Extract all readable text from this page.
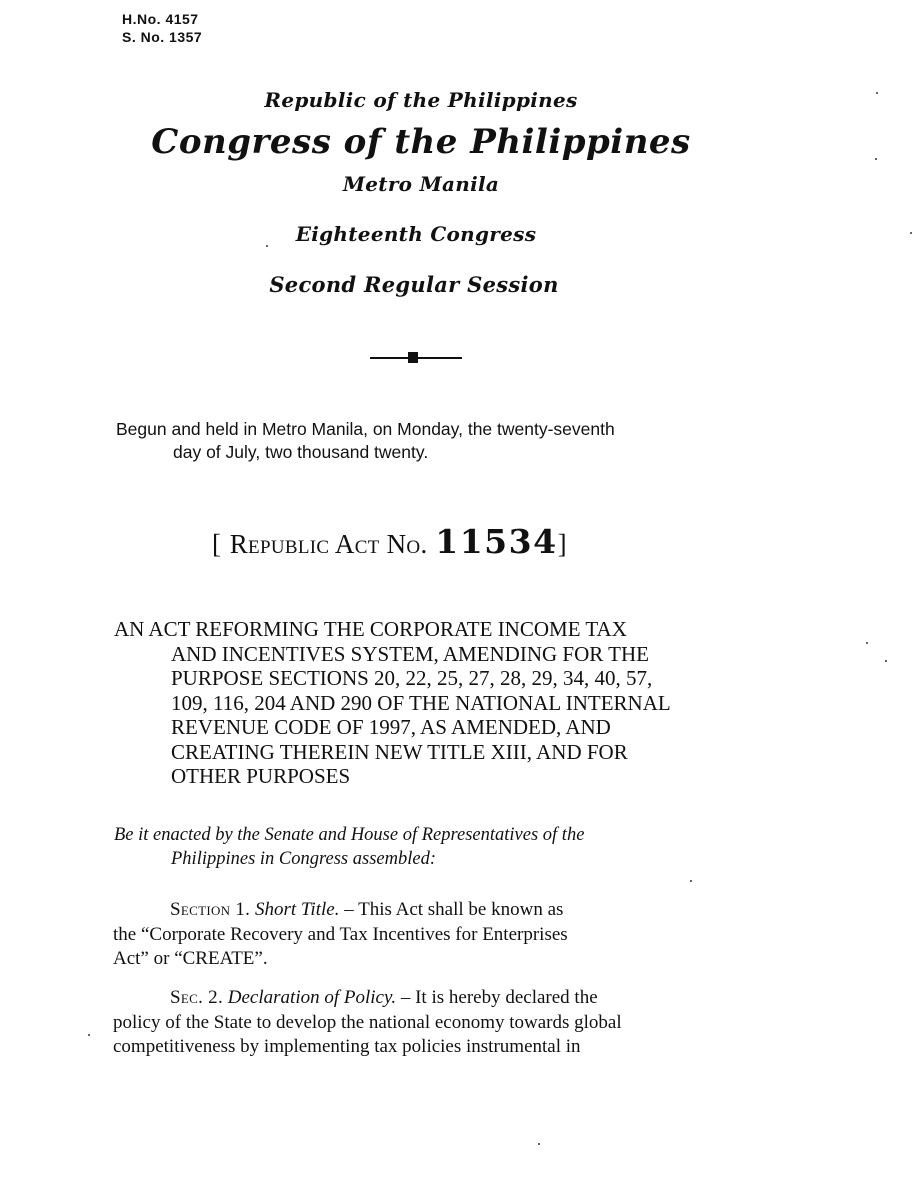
H.No. 4157
S. No. 1357
Republic of the Philippines
Congress of the Philippines
Metro Manila
Eighteenth Congress
Second Regular Session
Begun and held in Metro Manila, on Monday, the twenty-seventh
day of July, two thousand twenty.
[ Republic Act No. 11534]
AN ACT REFORMING THE CORPORATE INCOME TAX
AND INCENTIVES SYSTEM, AMENDING FOR THE
PURPOSE SECTIONS 20, 22, 25, 27, 28, 29, 34, 40, 57,
109, 116, 204 AND 290 OF THE NATIONAL INTERNAL
REVENUE CODE OF 1997, AS AMENDED, AND
CREATING THEREIN NEW TITLE XIII, AND FOR
OTHER PURPOSES
Be it enacted by the Senate and House of Representatives of the
Philippines in Congress assembled:
Section 1. Short Title. – This Act shall be known as
the “Corporate Recovery and Tax Incentives for Enterprises
Act” or “CREATE”.
Sec. 2. Declaration of Policy. – It is hereby declared the
policy of the State to develop the national economy towards global
competitiveness by implementing tax policies instrumental in
